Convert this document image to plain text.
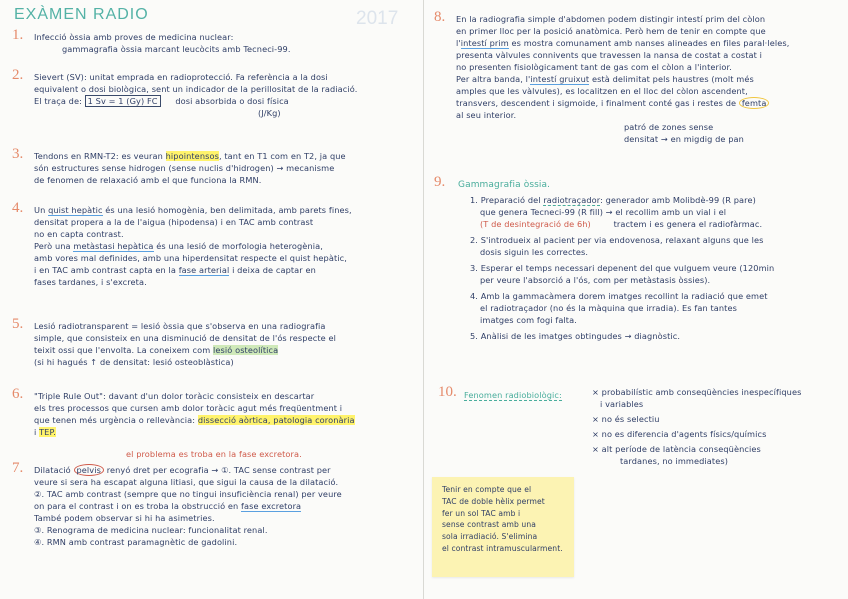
EXÀMEN RADIO	2017
1. Infecció òssia amb proves de medicina nuclear:
gammagrafia òssia marcant leucòcits amb Tecneci-99.
2. Sievert (SV): unitat emprada en radioprotecció. Fa referència a la dosi
equivalent o dosi biològica, sent un indicador de la perillositat de la radiació.
El traça de: 1 Sv = 1 (Gy) FC dosi absorbida o dosi física
(J/Kg)
3. Tendons en RMN-T2: es veuran hipointensos, tant en T1 com en T2, ja que
són estructures sense hidrogen (sense nuclis d'hidrogen) → mecanisme
de fenomen de relaxació amb el que funciona la RMN.
4. Un quist hepàtic és una lesió homogènia, ben delimitada, amb parets fines,
densitat propera a la de l'aigua (hipodensa) i en TAC amb contrast
no en capta contrast.
Però una metàstasi hepàtica és una lesió de morfologia heterogènia,
amb vores mal definides, amb una hiperdensitat respecte el quist hepàtic,
i en TAC amb contrast capta en la fase arterial i deixa de captar en
fases tardanes, i s'excreta.
5. Lesió radiotransparent = lesió òssia que s'observa en una radiografia
simple, que consisteix en una disminució de densitat de l'ós respecte el
teixit ossi que l'envolta. La coneixem com lesió osteolítica
(si hi hagués ↑ de densitat: lesió osteoblàstica)
6. "Triple Rule Out": davant d'un dolor toràcic consisteix en descartar
els tres processos que cursen amb dolor toràcic agut més freqüentment i
que tenen més urgència o rellevància: dissecció aòrtica, patologia coronària
i TEP.
el problema es troba en la fase excretora.
7. Dilatació pelvis renyó dret per ecografia → ①. TAC sense contrast per
veure si sera ha escapat alguna litiasi, que sigui la causa de la dilatació.
②. TAC amb contrast (sempre que no tingui insuficiència renal) per veure
on para el contrast i on es troba la obstrucció en fase excretora
També podem observar si hi ha asimetries.
③. Renograma de medicina nuclear: funcionalitat renal.
④. RMN amb contrast paramagnètic de gadolini.
8. En la radiografia simple d'abdomen podem distingir intestí prim del còlon
en primer lloc per la posició anatòmica. Però hem de tenir en compte que
l'intestí prim es mostra comunament amb nanses alineades en files paral·leles,
presenta vàlvules connivents que travessen la nansa de costat a costat i
no presenten fisiològicament tant de gas com el còlon a l'interior.
Per altra banda, l'intestí gruixut està delimitat pels haustres (molt més
amples que les vàlvules), es localitzen en el lloc del còlon ascendent,
transvers, descendent i sigmoide, i finalment conté gas i restes de femta
al seu interior.
patró de zones sense
densitat → en migdig de pan
9. Gammagrafia òssia.
1. Preparació del radiotraçador: generador amb Molibdè-99 (R pare)
que genera Tecneci-99 (R fill) → el recollim amb un vial i el
(T de desintegració de 6h)	tractem i es genera el radiofàrmac.
2. S'introdueix al pacient per via endovenosa, relaxant alguns que les
dosis siguin les correctes.
3. Esperar el temps necessari depenent del que vulguem veure (120min
per veure l'absorció a l'ós, com per metàstasis òssies).
4. Amb la gammacàmera dorem imatges recollint la radiació que emet
el radiotraçador (no és la màquina que irradia). Es fan tantes
imatges com fogi falta.
5. Anàlisi de les imatges obtingudes → diagnòstic.
10. Fenomen radiobiològic:	× probabilístic amb conseqüències inespecífiques
i variables
× no és selectiu
× no es diferencia d'agents físics/químics
× alt període de latència conseqüències
tardanes, no immediates)
Tenir en compte que el
TAC de doble hèlix permet
fer un sol TAC amb i
sense contrast amb una
sola irradiació. S'elimina
el contrast intramuscularment.
